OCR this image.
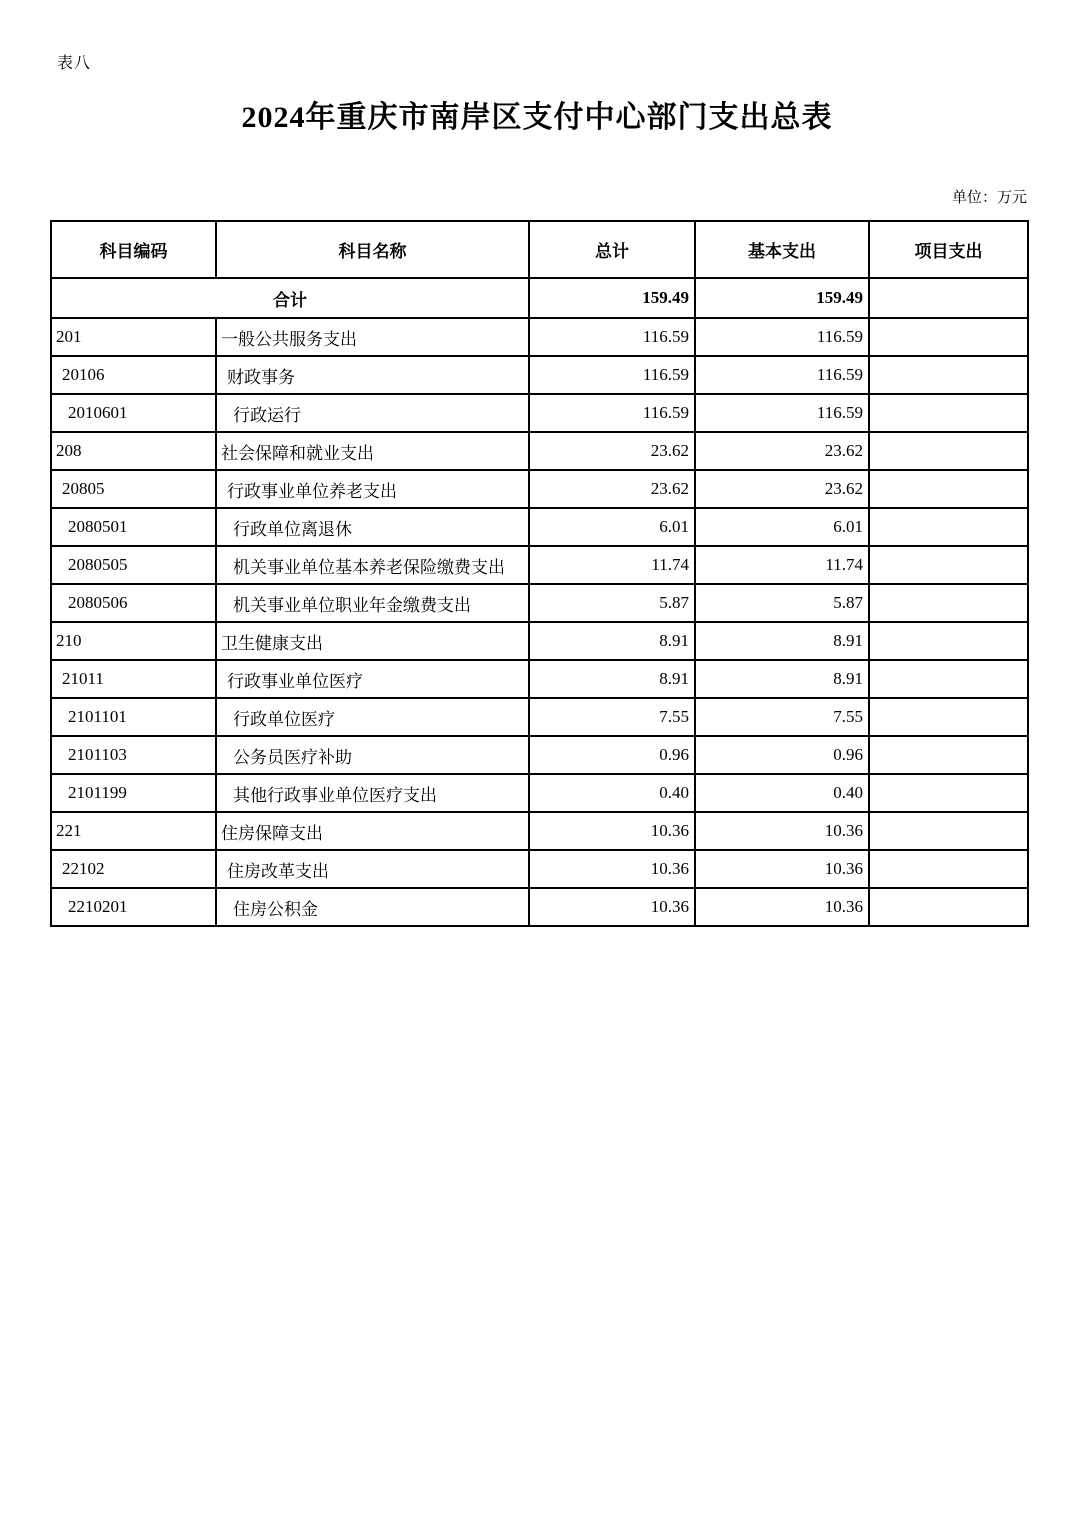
表八
2024年重庆市南岸区支付中心部门支出总表
单位：万元
科目编码	科目名称	总计	基本支出	项目支出
合计		159.49	159.49	
201	一般公共服务支出	116.59	116.59	
20106	财政事务	116.59	116.59	
2010601	行政运行	116.59	116.59	
208	社会保障和就业支出	23.62	23.62	
20805	行政事业单位养老支出	23.62	23.62	
2080501	行政单位离退休	6.01	6.01	
2080505	机关事业单位基本养老保险缴费支出	11.74	11.74	
2080506	机关事业单位职业年金缴费支出	5.87	5.87	
210	卫生健康支出	8.91	8.91	
21011	行政事业单位医疗	8.91	8.91	
2101101	行政单位医疗	7.55	7.55	
2101103	公务员医疗补助	0.96	0.96	
2101199	其他行政事业单位医疗支出	0.40	0.40	
221	住房保障支出	10.36	10.36	
22102	住房改革支出	10.36	10.36	
2210201	住房公积金	10.36	10.36	
